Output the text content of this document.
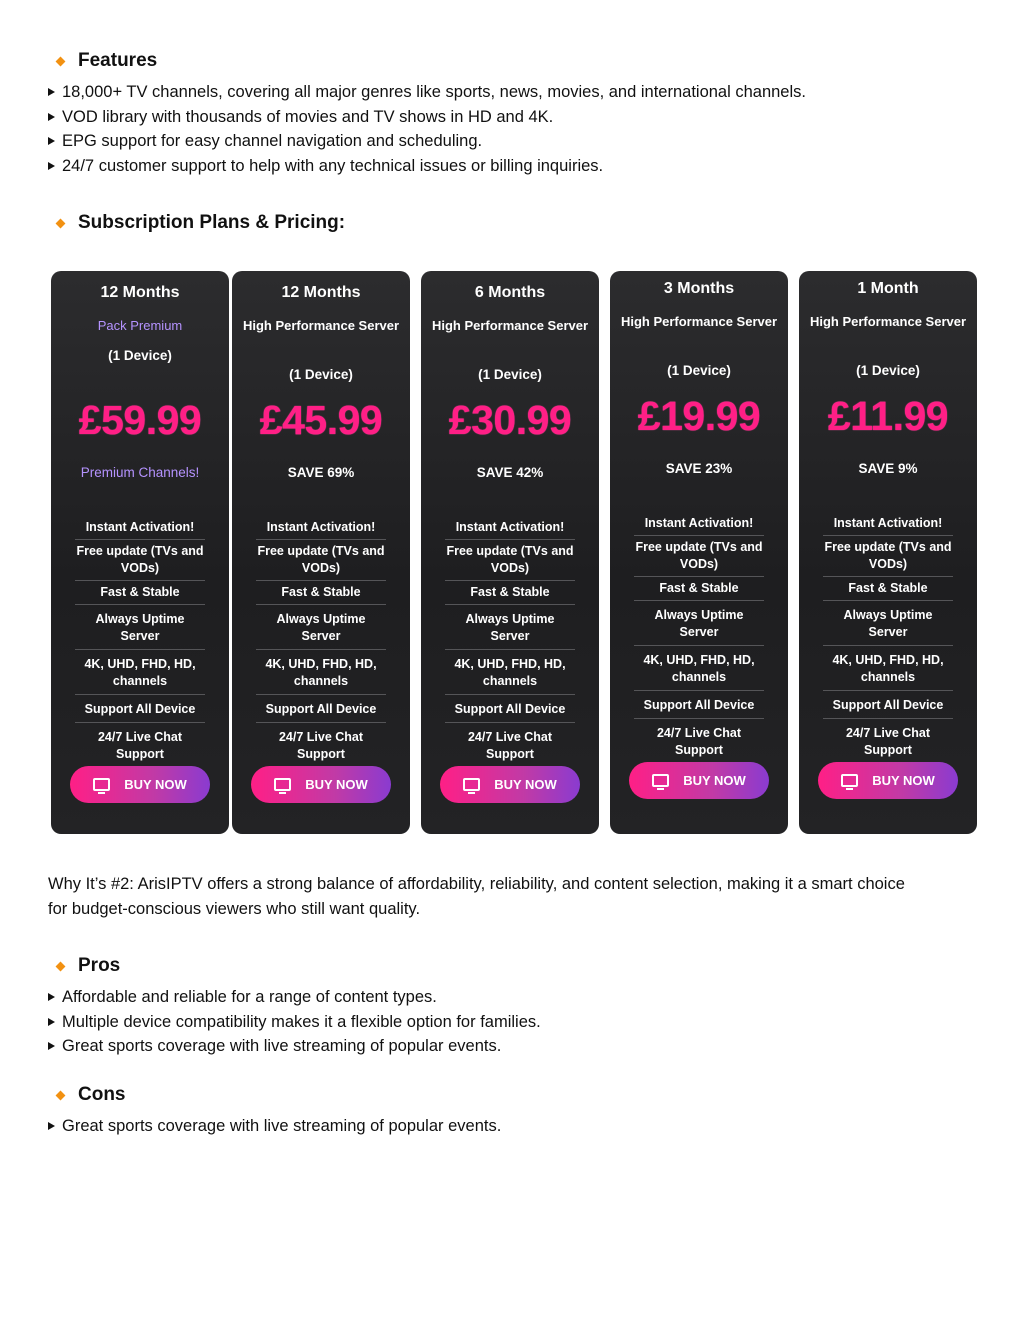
Features
18,000+ TV channels, covering all major genres like sports, news, movies, and international channels.
VOD library with thousands of movies and TV shows in HD and 4K.
EPG support for easy channel navigation and scheduling.
24/7 customer support to help with any technical issues or billing inquiries.
Subscription Plans & Pricing:
12 Months
Pack Premium
(1 Device)
£59.99
Premium Channels!
Instant Activation!
Free update (TVs and VODs)
Fast & Stable
Always Uptime Server
4K, UHD, FHD, HD, channels
Support All Device
24/7 Live Chat Support
BUY NOW
12 Months
High Performance Server
(1 Device)
£45.99
SAVE 69%
Instant Activation!
Free update (TVs and VODs)
Fast & Stable
Always Uptime Server
4K, UHD, FHD, HD, channels
Support All Device
24/7 Live Chat Support
BUY NOW
6 Months
High Performance Server
(1 Device)
£30.99
SAVE 42%
Instant Activation!
Free update (TVs and VODs)
Fast & Stable
Always Uptime Server
4K, UHD, FHD, HD, channels
Support All Device
24/7 Live Chat Support
BUY NOW
3 Months
High Performance Server
(1 Device)
£19.99
SAVE 23%
Instant Activation!
Free update (TVs and VODs)
Fast & Stable
Always Uptime Server
4K, UHD, FHD, HD, channels
Support All Device
24/7 Live Chat Support
BUY NOW
1 Month
High Performance Server
(1 Device)
£11.99
SAVE 9%
Instant Activation!
Free update (TVs and VODs)
Fast & Stable
Always Uptime Server
4K, UHD, FHD, HD, channels
Support All Device
24/7 Live Chat Support
BUY NOW

Why It’s #2: ArisIPTV offers a strong balance of affordability, reliability, and content selection, making it a smart choice for budget-conscious viewers who still want quality.

Pros
Affordable and reliable for a range of content types.
Multiple device compatibility makes it a flexible option for families.
Great sports coverage with live streaming of popular events.
Cons
Great sports coverage with live streaming of popular events.
